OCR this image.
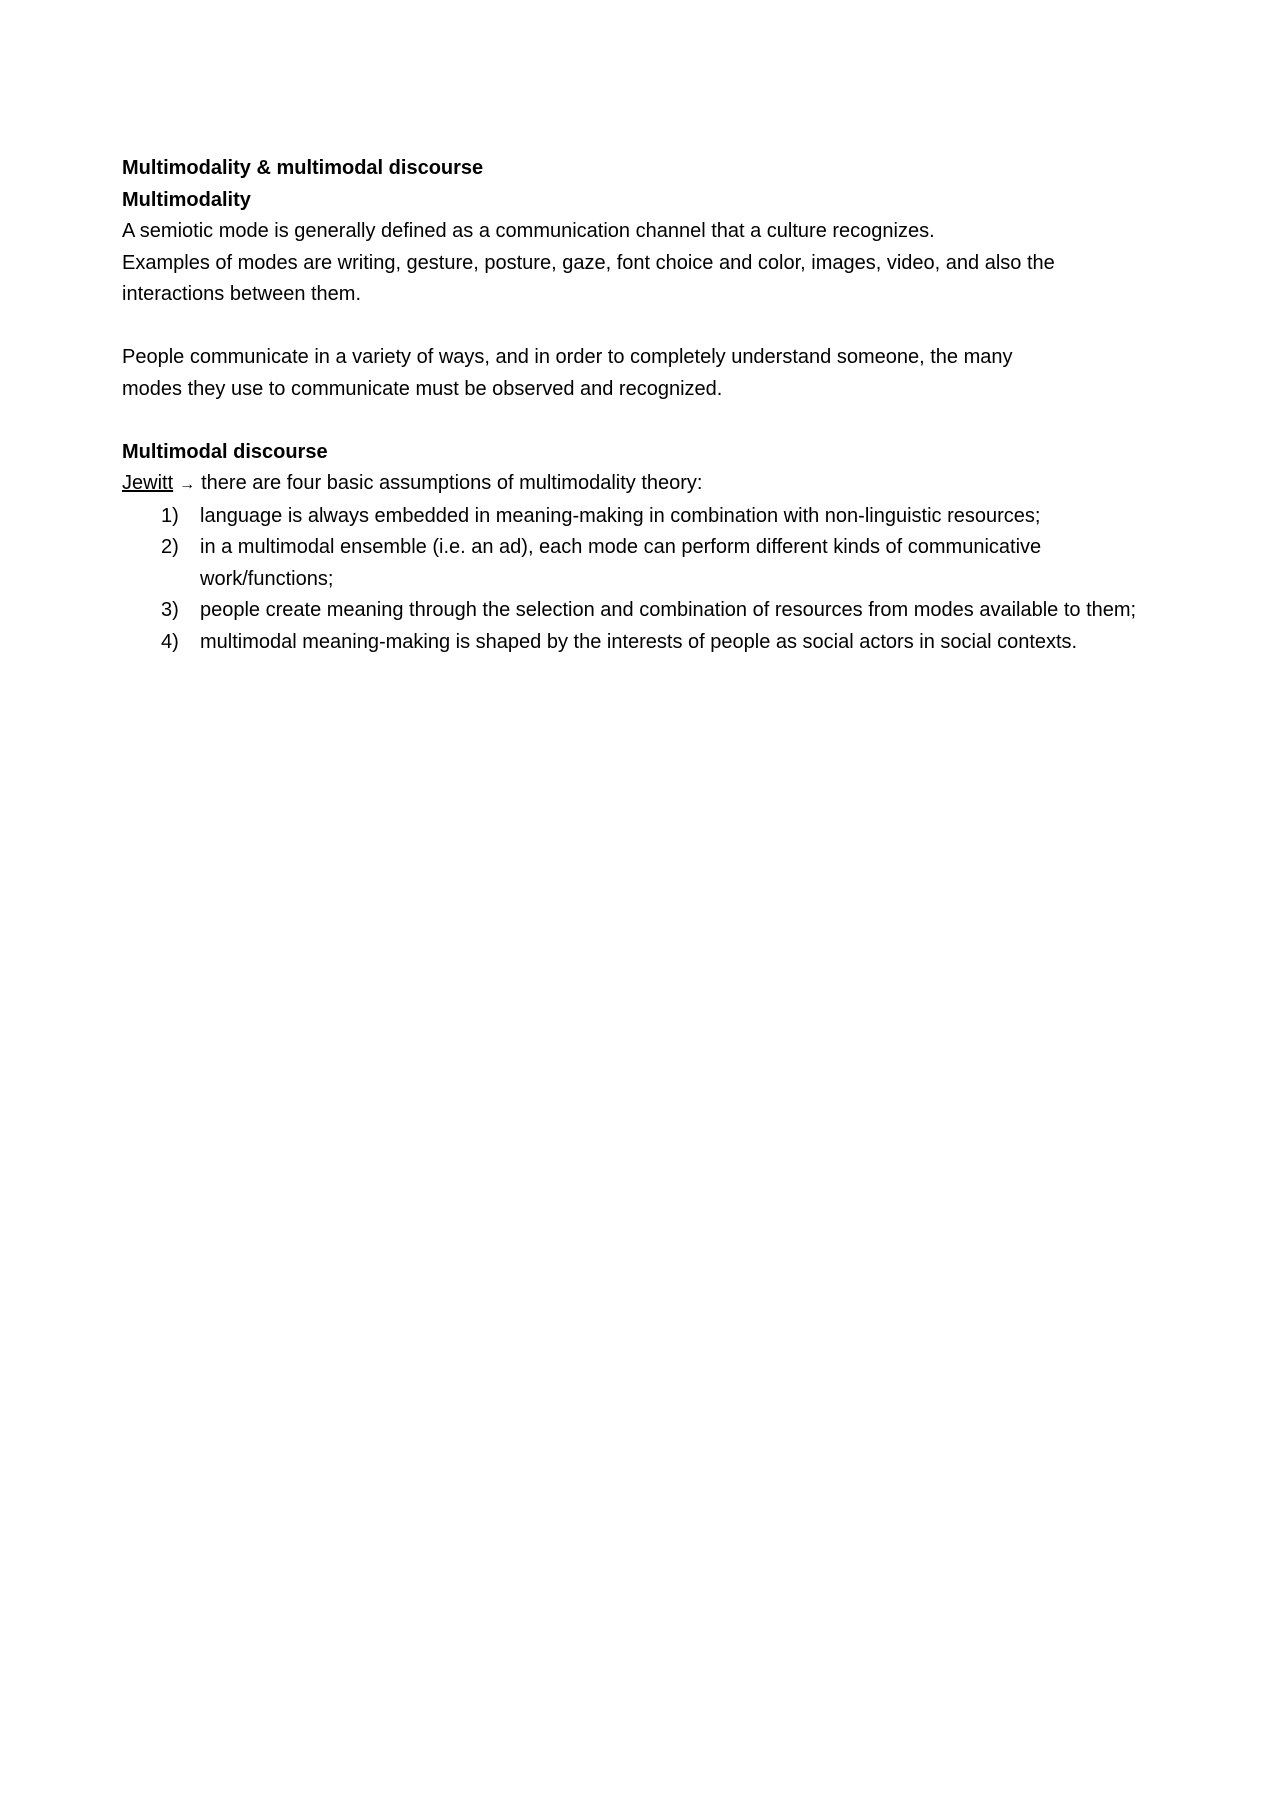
Multimodality & multimodal discourse

Multimodality

A semiotic mode is generally defined as a communication channel that a culture recognizes.

Examples of modes are writing, gesture, posture, gaze, font choice and color, images, video, and also the

interactions between them.

People communicate in a variety of ways, and in order to completely understand someone, the many

modes they use to communicate must be observed and recognized.

Multimodal discourse

Jewitt → there are four basic assumptions of multimodality theory:

1) language is always embedded in meaning-making in combination with non-linguistic resources;
2) in a multimodal ensemble (i.e. an ad), each mode can perform different kinds of communicative work/functions;
3) people create meaning through the selection and combination of resources from modes available to them;
4) multimodal meaning-making is shaped by the interests of people as social actors in social contexts.
